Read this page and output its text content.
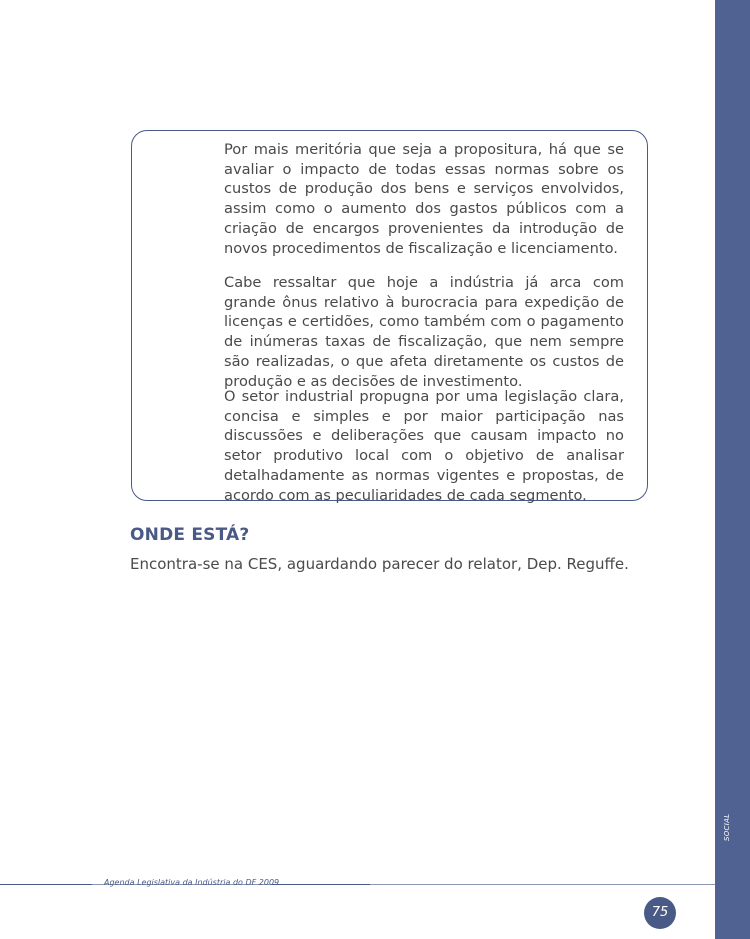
SOCIAL

Por mais meritória que seja a propositura, há que se avaliar o impacto de todas essas normas sobre os custos de produção dos bens e serviços envolvidos, assim como o aumento dos gastos públicos com a criação de encargos provenientes da introdução de novos procedimentos de fiscalização e licenciamento.

Cabe ressaltar que hoje a indústria já arca com grande ônus relativo à burocracia para expedição de licenças e certidões, como também com o pagamento de inúmeras taxas de fiscalização, que nem sempre são realizadas, o que afeta diretamente os custos de produção e as decisões de investimento.

O setor industrial propugna por uma legislação clara, concisa e simples e por maior participação nas discussões e deliberações que causam impacto no setor produtivo local com o objetivo de analisar detalhadamente as normas vigentes e propostas, de acordo com as peculiaridades de cada segmento.

ONDE ESTÁ?

Encontra-se na CES, aguardando parecer do relator, Dep. Reguffe.

Agenda Legislativa da Indústria do DF 2009
75
